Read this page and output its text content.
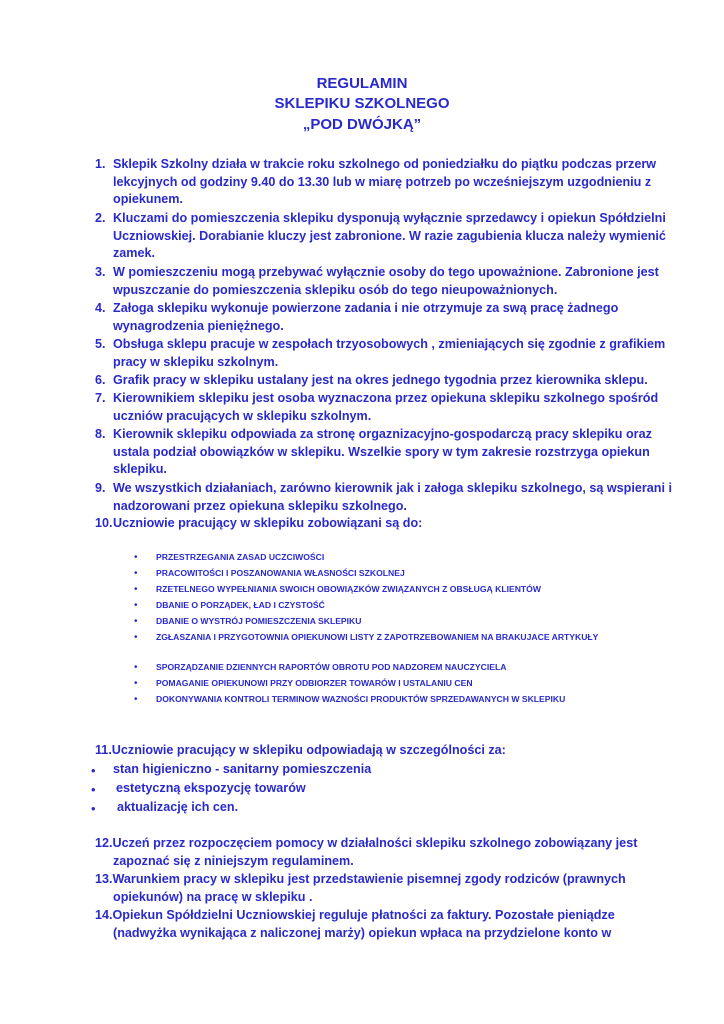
REGULAMIN
SKLEPIKU SZKOLNEGO
„POD DWÓJKĄ”
1. Sklepik Szkolny działa w trakcie roku szkolnego od poniedziałku do piątku podczas przerw lekcyjnych od godziny 9.40 do 13.30 lub w miarę potrzeb po wcześniejszym uzgodnieniu z opiekunem.
2. Kluczami do pomieszczenia sklepiku dysponują wyłącznie sprzedawcy i opiekun Spółdzielni Uczniowskiej. Dorabianie kluczy jest zabronione. W razie zagubienia klucza należy wymienić zamek.
3. W pomieszczeniu mogą przebywać wyłącznie osoby do tego upoważnione. Zabronione jest wpuszczanie do pomieszczenia sklepiku osób do tego nieupoważnionych.
4. Załoga sklepiku wykonuje powierzone zadania i nie otrzymuje za swą pracę żadnego wynagrodzenia pieniężnego.
5. Obsługa sklepu pracuje w zespołach trzyosobowych , zmieniających się zgodnie z grafikiem pracy w sklepiku szkolnym.
6. Grafik pracy w sklepiku ustalany jest na okres jednego tygodnia przez kierownika sklepu.
7. Kierownikiem sklepiku jest osoba wyznaczona przez opiekuna sklepiku szkolnego spośród uczniów pracujących w sklepiku szkolnym.
8. Kierownik sklepiku odpowiada za stronę orgaznizacyjno-gospodarczą pracy sklepiku oraz ustala podział obowiązków w sklepiku. Wszelkie spory w tym zakresie rozstrzyga opiekun sklepiku.
9. We wszystkich działaniach, zarówno kierownik jak i załoga sklepiku szkolnego, są wspierani i nadzorowani przez opiekuna sklepiku szkolnego.
10. Uczniowie pracujący w sklepiku zobowiązani są do:
• PRZESTRZEGANIA ZASAD UCZCIWOŚCI
• PRACOWITOŚCI I POSZANOWANIA WŁASNOŚCI SZKOLNEJ
• RZETELNEGO WYPEŁNIANIA SWOICH OBOWIĄZKÓW ZWIĄZANYCH Z OBSŁUGĄ KLIENTÓW
• DBANIE O PORZĄDEK, ŁAD I CZYSTOŚĆ
• DBANIE O WYSTRÓJ POMIESZCZENIA SKLEPIKU
• ZGŁASZANIA I PRZYGOTOWNIA OPIEKUNOWI LISTY Z ZAPOTRZEBOWANIEM NA BRAKUJACE ARTYKUŁY
• SPORZĄDZANIE DZIENNYCH RAPORTÓW OBROTU POD NADZOREM NAUCZYCIELA
• POMAGANIE OPIEKUNOWI PRZY ODBIORZER TOWARÓW I USTALANIU CEN
• DOKONYWANIA KONTROLI TERMINOW WAZNOŚCI PRODUKTÓW SPRZEDAWANYCH W SKLEPIKU
11.Uczniowie pracujący w sklepiku odpowiadają w szczególności za:
• stan higieniczno - sanitarny pomieszczenia
• estetyczną ekspozycję towarów
• aktualizację ich cen.
12.Uczeń przez rozpoczęciem pomocy w działalności sklepiku szkolnego zobowiązany jest
zapoznać się z niniejszym regulaminem.
13.Warunkiem pracy w sklepiku jest przedstawienie pisemnej zgody rodziców (prawnych
opiekunów) na pracę w sklepiku .
14.Opiekun Spółdzielni Uczniowskiej reguluje płatności za faktury. Pozostałe pieniądze
(nadwyżka wynikająca z naliczonej marży) opiekun wpłaca na przydzielone konto w
